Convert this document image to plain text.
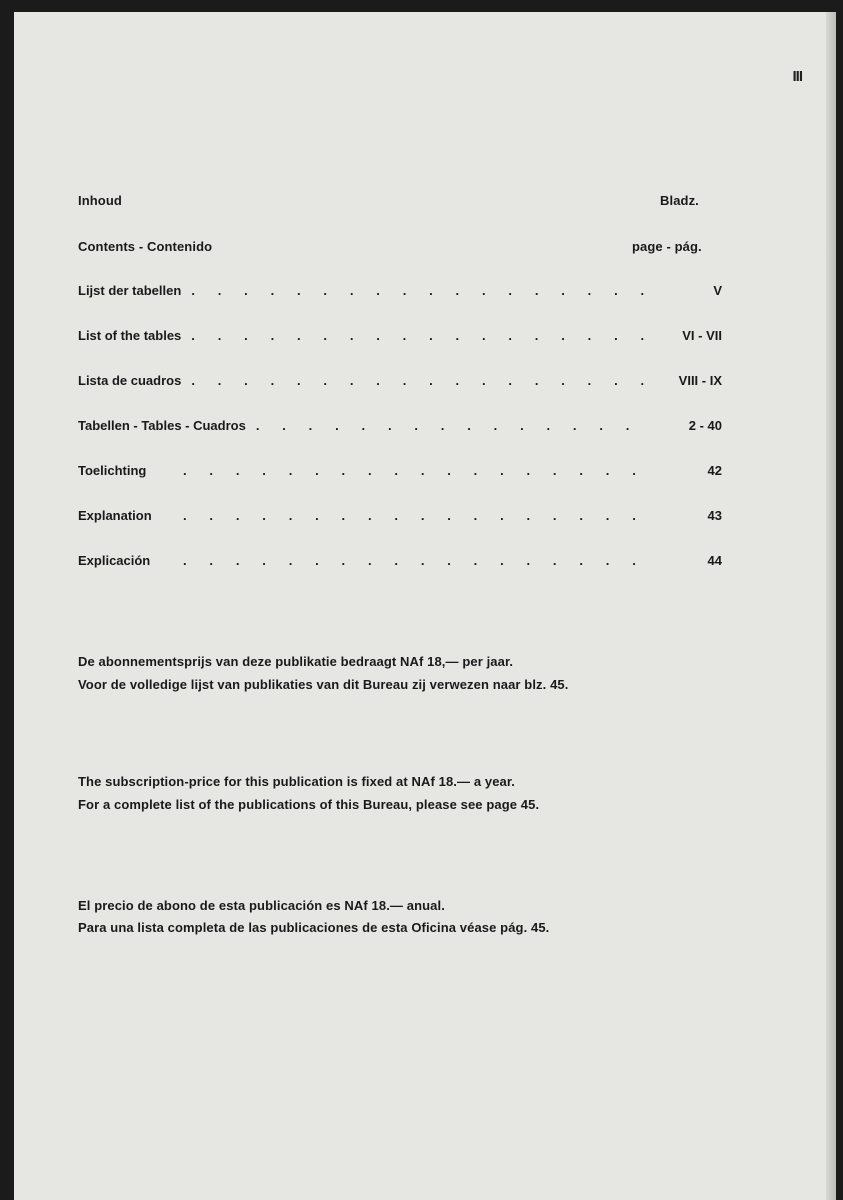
III
Inhoud	Bladz.
Contents - Contenido	page - pág.
Lijst der tabellen . . .	V
List of the tables . . .	VI - VII
Lista de cuadros . . .	VIII - IX
Tabellen - Tables - Cuadros . . .	2 - 40
Toelichting . . .	42
Explanation . . .	43
Explicación . . .	44
De abonnementsprijs van deze publikatie bedraagt NAf 18,— per jaar.
Voor de volledige lijst van publikaties van dit Bureau zij verwezen naar blz. 45.
The subscription-price for this publication is fixed at NAf 18.— a year.
For a complete list of the publications of this Bureau, please see page 45.
El precio de abono de esta publicación es NAf 18.— anual.
Para una lista completa de las publicaciones de esta Oficina véase pág. 45.
